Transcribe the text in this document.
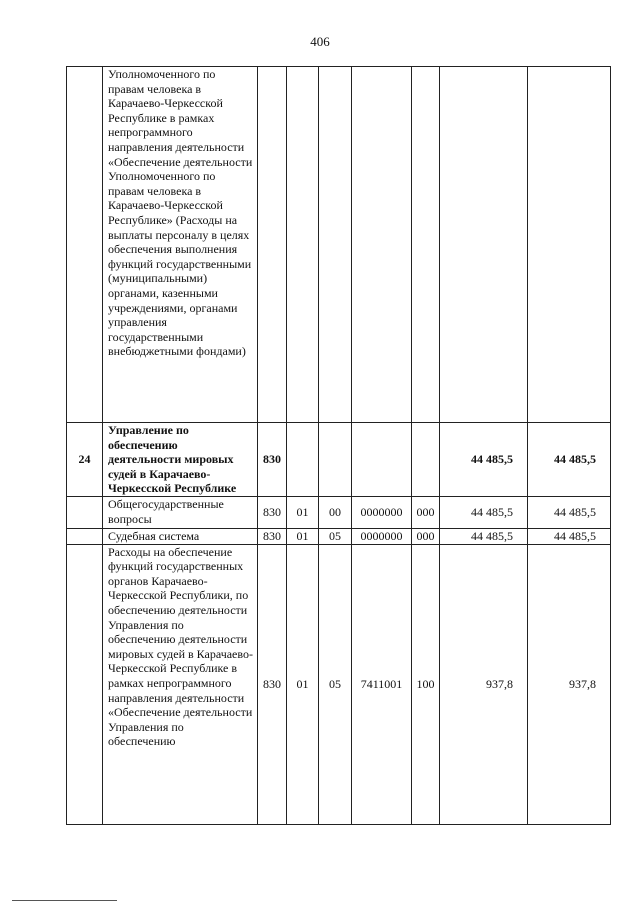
406
	Уполномоченного по правам человека в Карачаево-Черкесской Республике в рамках непрограммного направления деятельности «Обеспечение деятельности Уполномоченного по правам человека в Карачаево-Черкесской Республике» (Расходы на выплаты персоналу в целях обеспечения выполнения функций государственными (муниципальными) органами, казенными учреждениями, органами управления государственными внебюджетными фондами)							
24	Управление по обеспечению деятельности мировых судей в Карачаево-Черкесской Республике	830					44 485,5	44 485,5
	Общегосударственные вопросы	830	01	00	0000000	000	44 485,5	44 485,5
	Судебная система	830	01	05	0000000	000	44 485,5	44 485,5
	Расходы на обеспечение функций государственных органов Карачаево-Черкесской Республики, по обеспечению деятельности Управления по обеспечению деятельности мировых судей в Карачаево-Черкесской Республике в рамках непрограммного направления деятельности «Обеспечение деятельности Управления по обеспечению	830	01	05	7411001	100	937,8	937,8
